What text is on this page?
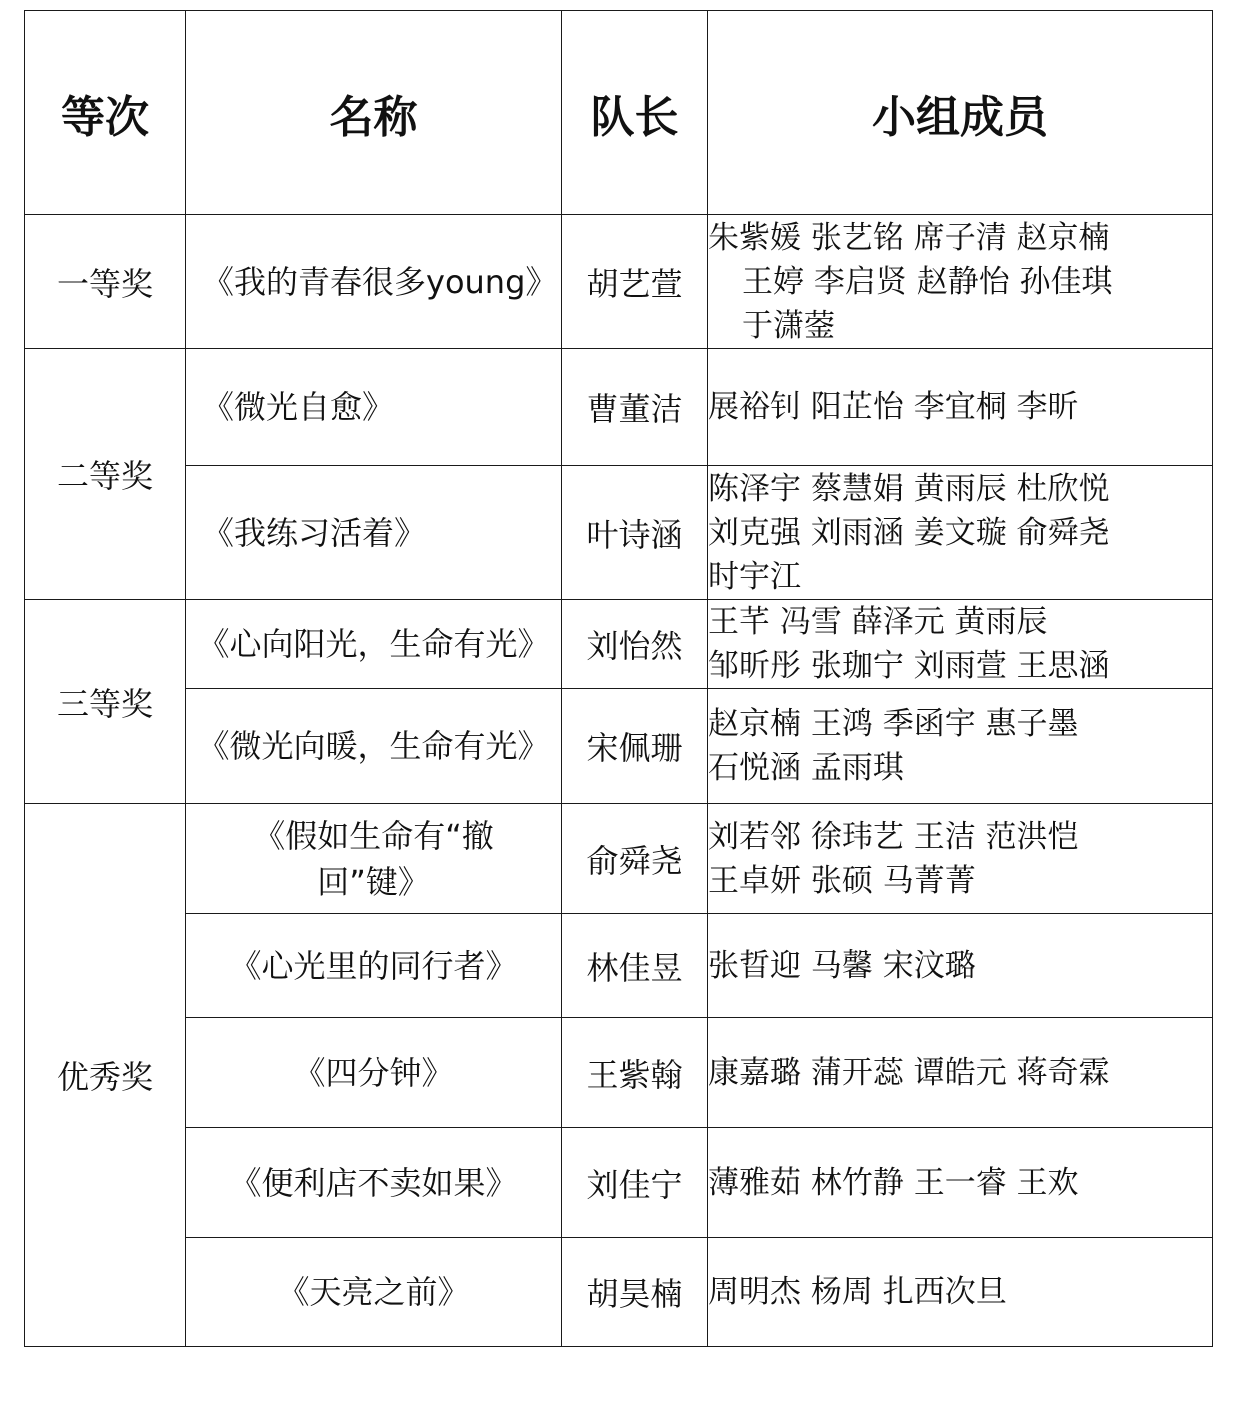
等次	名称	队长	小组成员
一等奖	《我的青春很多young》	胡艺萱	朱紫媛 张艺铭 席子清 赵京楠
王婷 李启贤 赵静怡 孙佳琪
于潇蓥

二等奖	《微光自愈》	曹董洁	展裕钊 阳芷怡 李宜桐 李昕

	《我练习活着》	叶诗涵	陈泽宇 蔡慧娟 黄雨辰 杜欣悦
刘克强 刘雨涵 姜文璇 俞舜尧
时宇江

三等奖	《心向阳光，生命有光》	刘怡然	王芊 冯雪 薛泽元 黄雨辰
邹昕彤 张珈宁 刘雨萱 王思涵

	《微光向暖，生命有光》	宋佩珊	赵京楠 王鸿 季函宇 惠子墨
石悦涵 孟雨琪

优秀奖	《假如生命有“撤回”键》	俞舜尧	刘若邻 徐玮艺 王洁 范洪恺
王卓妍 张硕 马菁菁

	《心光里的同行者》	林佳昱	张晢迎 马馨 宋汶璐

	《四分钟》	王紫翰	康嘉璐 蒲开蕊 谭皓元 蒋奇霖

	《便利店不卖如果》	刘佳宁	薄雅茹 林竹静 王一睿 王欢

	《天亮之前》	胡昊楠	周明杰 杨周 扎西次旦
